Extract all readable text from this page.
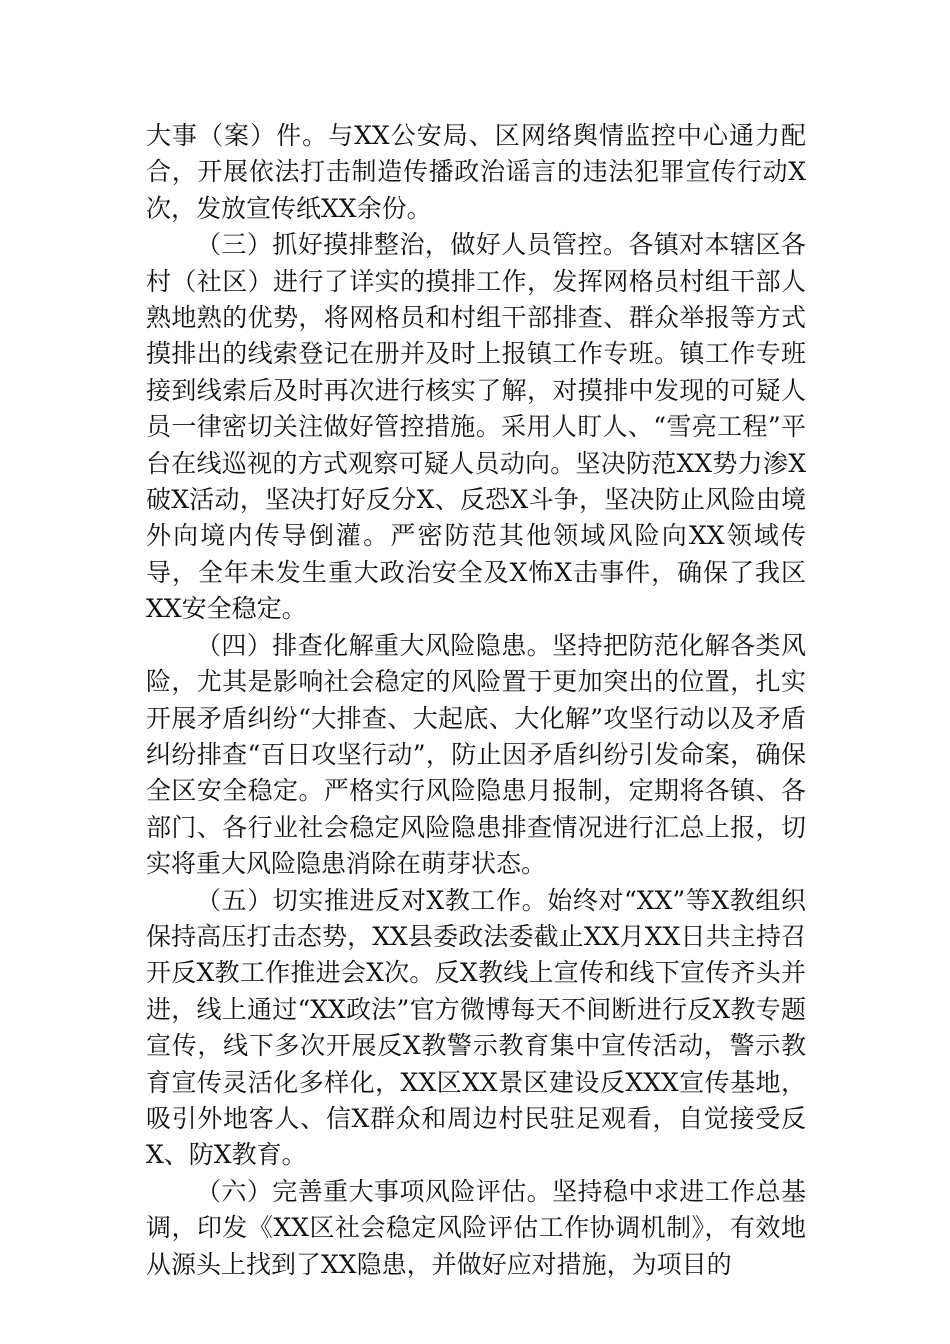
大事（案）件。与XX公安局、区网络舆情监控中心通力配合，开展依法打击制造传播政治谣言的违法犯罪宣传行动X次，发放宣传纸XX余份。

（三）抓好摸排整治，做好人员管控。各镇对本辖区各村（社区）进行了详实的摸排工作，发挥网格员村组干部人熟地熟的优势，将网格员和村组干部排查、群众举报等方式摸排出的线索登记在册并及时上报镇工作专班。镇工作专班接到线索后及时再次进行核实了解，对摸排中发现的可疑人员一律密切关注做好管控措施。采用人盯人、“雪亮工程”平台在线巡视的方式观察可疑人员动向。坚决防范XX势力渗X破X活动，坚决打好反分X、反恐X斗争，坚决防止风险由境外向境内传导倒灌。严密防范其他领域风险向XX领域传导，全年未发生重大政治安全及X怖X击事件，确保了我区XX安全稳定。

（四）排查化解重大风险隐患。坚持把防范化解各类风险，尤其是影响社会稳定的风险置于更加突出的位置，扎实开展矛盾纠纷“大排查、大起底、大化解”攻坚行动以及矛盾纠纷排查“百日攻坚行动”，防止因矛盾纠纷引发命案，确保全区安全稳定。严格实行风险隐患月报制，定期将各镇、各部门、各行业社会稳定风险隐患排查情况进行汇总上报，切实将重大风险隐患消除在萌芽状态。

（五）切实推进反对X教工作。始终对“XX”等X教组织保持高压打击态势，XX县委政法委截止XX月XX日共主持召开反X教工作推进会X次。反X教线上宣传和线下宣传齐头并进，线上通过“XX政法”官方微博每天不间断进行反X教专题宣传，线下多次开展反X教警示教育集中宣传活动，警示教育宣传灵活化多样化，XX区XX景区建设反XXX宣传基地，吸引外地客人、信X群众和周边村民驻足观看，自觉接受反X、防X教育。

（六）完善重大事项风险评估。坚持稳中求进工作总基调，印发《XX区社会稳定风险评估工作协调机制》，有效地从源头上找到了XX隐患，并做好应对措施，为项目的
